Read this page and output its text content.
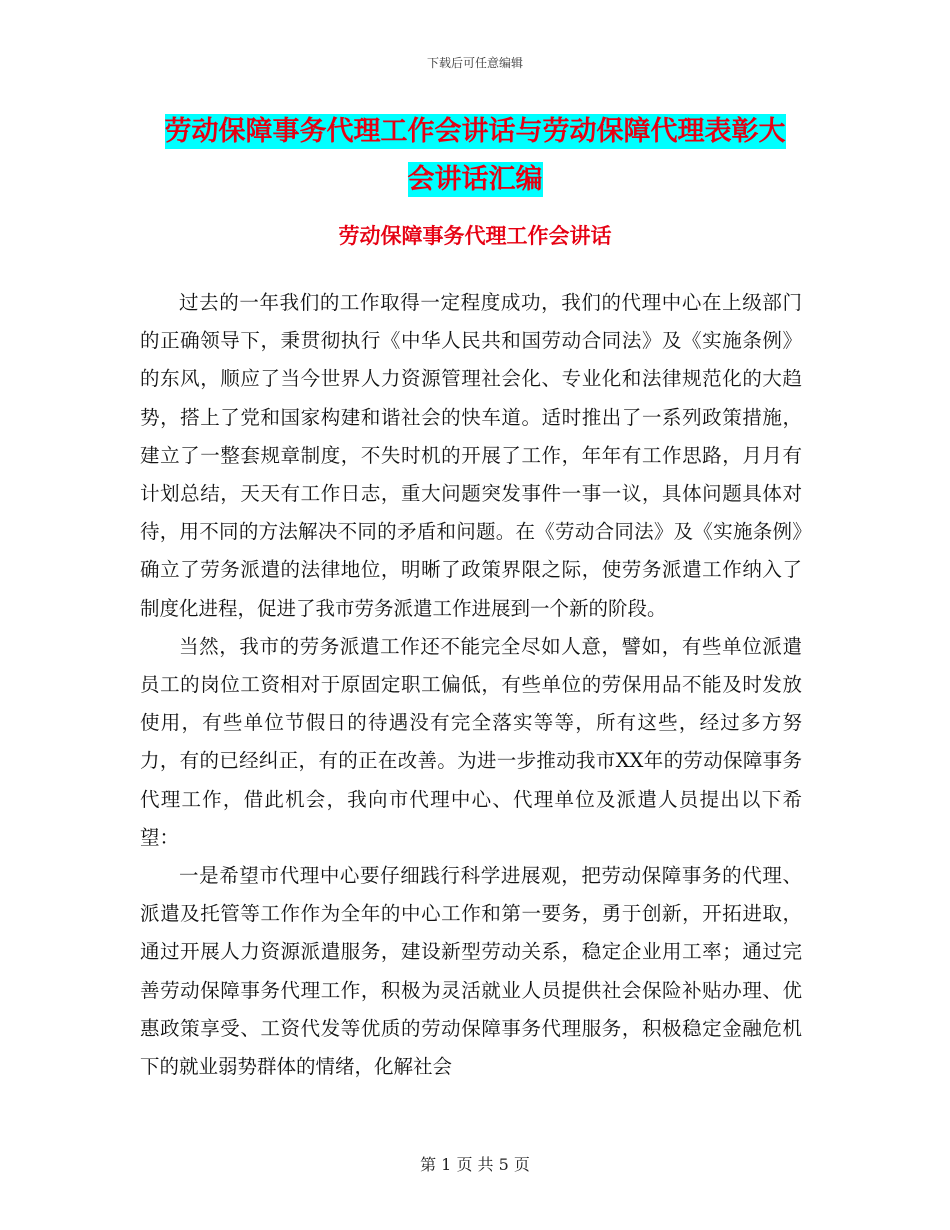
下载后可任意编辑
劳动保障事务代理工作会讲话与劳动保障代理表彰大
会讲话汇编
劳动保障事务代理工作会讲话

过去的一年我们的工作取得一定程度成功，我们的代理中心在上级部门的正确领导下，秉贯彻执行《中华人民共和国劳动合同法》及《实施条例》的东风，顺应了当今世界人力资源管理社会化、专业化和法律规范化的大趋势，搭上了党和国家构建和谐社会的快车道。适时推出了一系列政策措施，建立了一整套规章制度，不失时机的开展了工作，年年有工作思路，月月有计划总结，天天有工作日志，重大问题突发事件一事一议，具体问题具体对待，用不同的方法解决不同的矛盾和问题。在《劳动合同法》及《实施条例》确立了劳务派遣的法律地位，明晰了政策界限之际，使劳务派遣工作纳入了制度化进程，促进了我市劳务派遣工作进展到一个新的阶段。

当然，我市的劳务派遣工作还不能完全尽如人意，譬如，有些单位派遣员工的岗位工资相对于原固定职工偏低，有些单位的劳保用品不能及时发放使用，有些单位节假日的待遇没有完全落实等等，所有这些，经过多方努力，有的已经纠正，有的正在改善。为进一步推动我市XX年的劳动保障事务代理工作，借此机会，我向市代理中心、代理单位及派遣人员提出以下希望：

一是希望市代理中心要仔细践行科学进展观，把劳动保障事务的代理、派遣及托管等工作作为全年的中心工作和第一要务，勇于创新，开拓进取，通过开展人力资源派遣服务，建设新型劳动关系，稳定企业用工率；通过完善劳动保障事务代理工作，积极为灵活就业人员提供社会保险补贴办理、优惠政策享受、工资代发等优质的劳动保障事务代理服务，积极稳定金融危机下的就业弱势群体的情绪，化解社会

第 1 页 共 5 页
